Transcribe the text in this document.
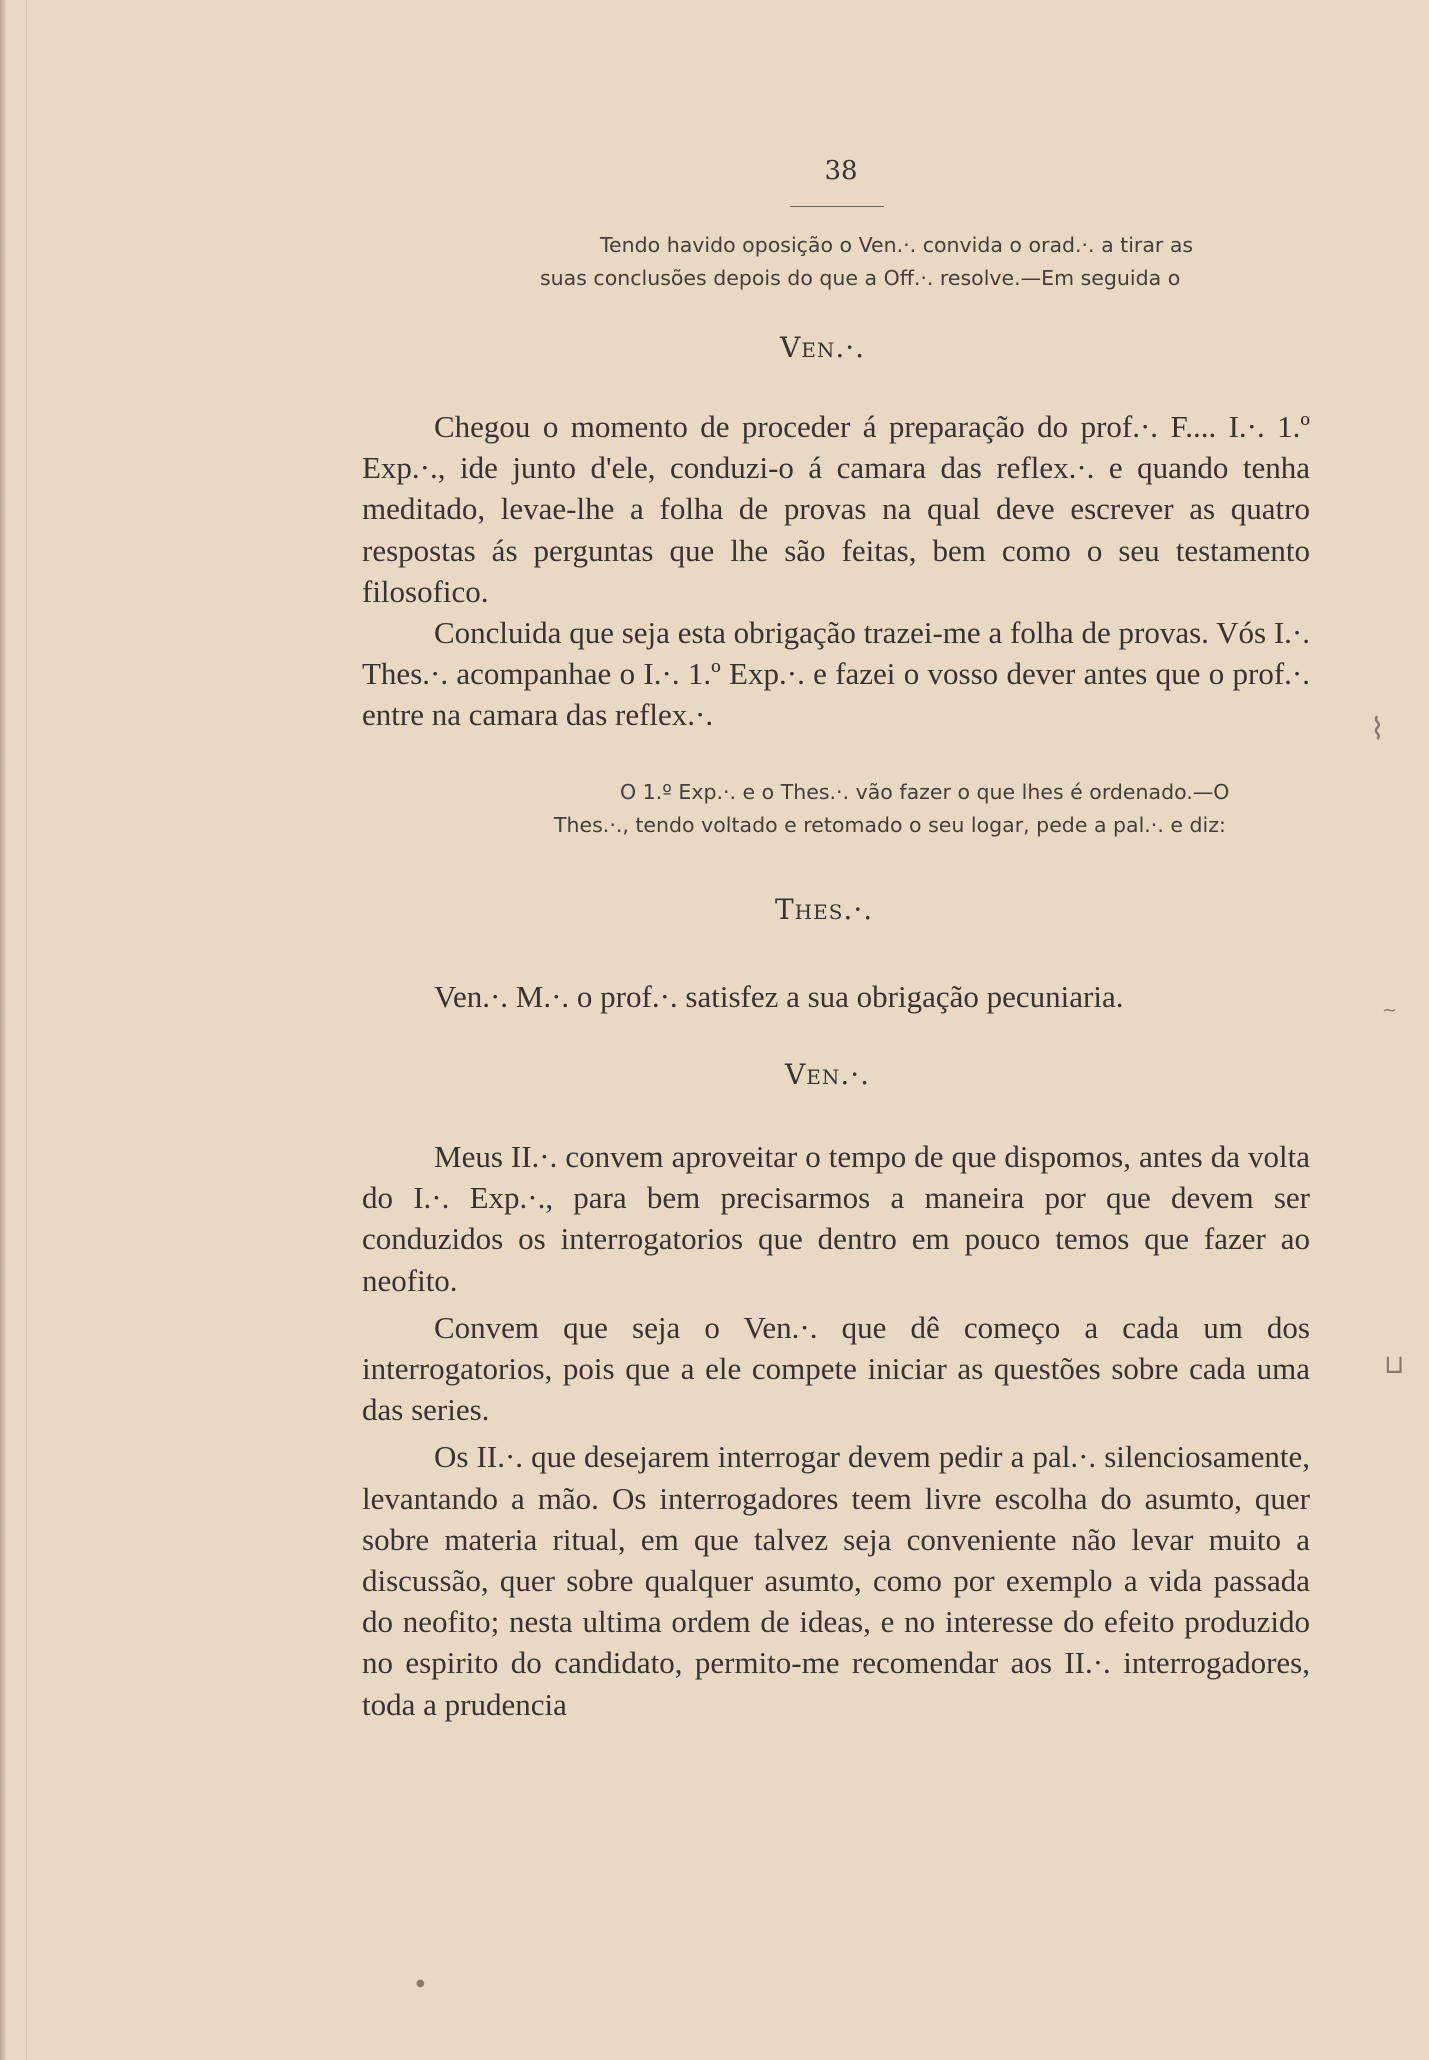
38

Tendo havido oposição o Ven.·. convida o orad.·. a tirar as

suas conclusões depois do que a Off.·. resolve.—Em seguida o

Ven.·.

Chegou o momento de proceder á preparação do prof.·. F.... I.·. 1.º Exp.·., ide junto d'ele, conduzi-o á camara das reflex.·. e quando tenha meditado, levae-lhe a folha de provas na qual deve escrever as quatro respostas ás perguntas que lhe são feitas, bem como o seu testamento filosofico.

Concluida que seja esta obrigação trazei-me a folha de provas. Vós I.·. Thes.·. acompanhae o I.·. 1.º Exp.·. e fazei o vosso dever antes que o prof.·. entre na camara das reflex.·.

O 1.º Exp.·. e o Thes.·. vão fazer o que lhes é ordenado.—O

Thes.·., tendo voltado e retomado o seu logar, pede a pal.·. e diz:

Thes.·.

Ven.·. M.·. o prof.·. satisfez a sua obrigação pecuniaria.

Ven.·.

Meus II.·. convem aproveitar o tempo de que dispomos, antes da volta do I.·. Exp.·., para bem precisarmos a maneira por que devem ser conduzidos os interrogatorios que dentro em pouco temos que fazer ao neofito.

Convem que seja o Ven.·. que dê começo a cada um dos interrogatorios, pois que a ele compete iniciar as questões sobre cada uma das series.

Os II.·. que desejarem interrogar devem pedir a pal.·. silenciosamente, levantando a mão. Os interrogadores teem livre escolha do asumto, quer sobre materia ritual, em que talvez seja conveniente não levar muito a discussão, quer sobre qualquer asumto, como por exemplo a vida passada do neofito; nesta ultima ordem de ideas, e no interesse do efeito produzido no espirito do candidato, permito-me recomendar aos II.·. interrogadores, toda a prudencia

⌇
~
⊔
●
